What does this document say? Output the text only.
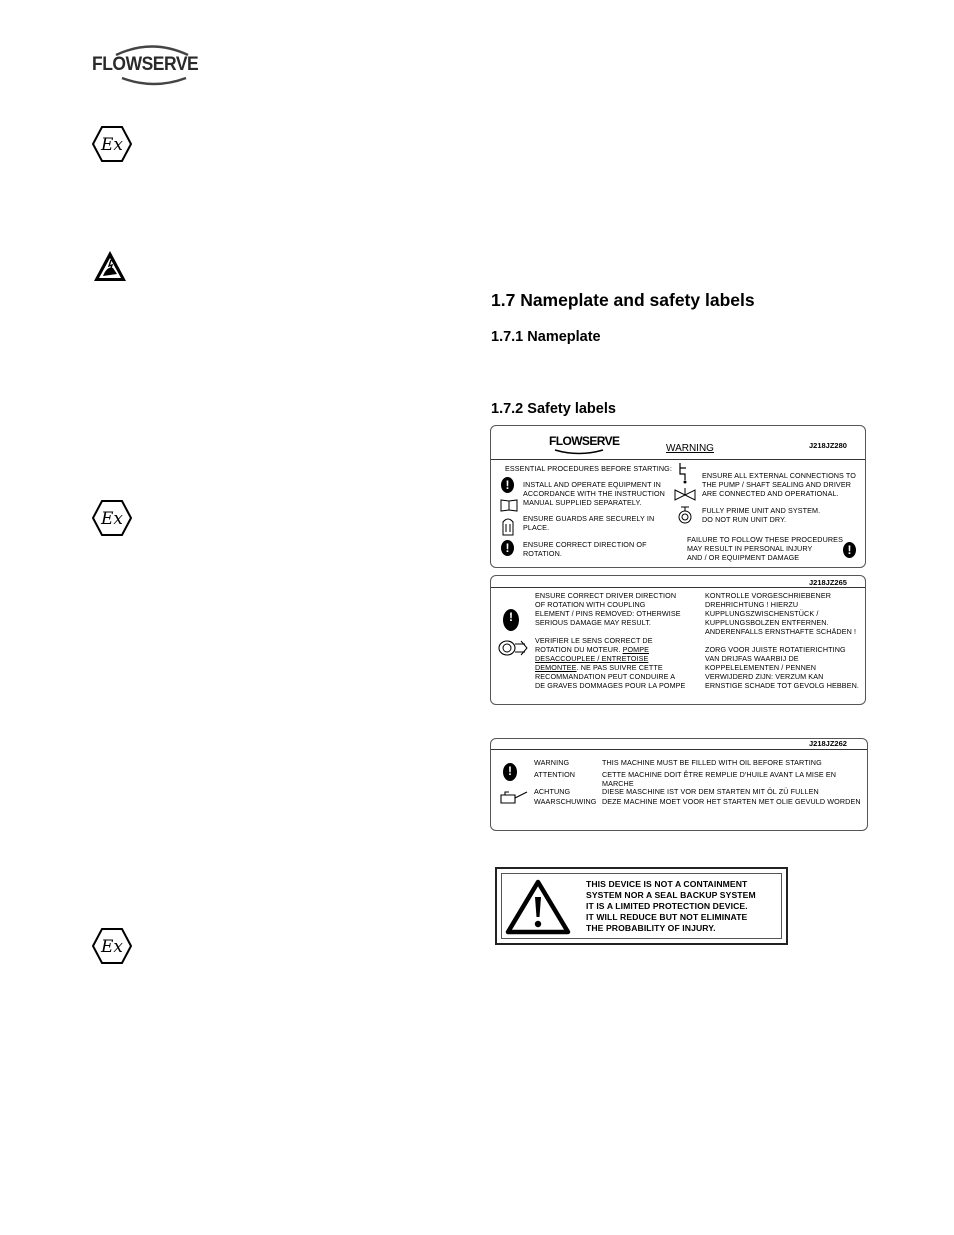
FLOWSERVE
Ex
Ex
Ex
1.7 Nameplate and safety labels
1.7.1 Nameplate
1.7.2 Safety labels
FLOWSERVE
WARNING	J218JZ280
ESSENTIAL PROCEDURES BEFORE STARTING:
!
INSTALL AND OPERATE EQUIPMENT IN
ACCORDANCE WITH THE INSTRUCTION
MANUAL SUPPLIED SEPARATELY.
ENSURE GUARDS ARE SECURELY IN
PLACE.
!
ENSURE CORRECT DIRECTION OF
ROTATION.
ENSURE ALL EXTERNAL CONNECTIONS TO
THE PUMP / SHAFT SEALING AND DRIVER
ARE CONNECTED AND OPERATIONAL.
FULLY PRIME UNIT AND SYSTEM.
DO NOT RUN UNIT DRY.
FAILURE TO FOLLOW THESE PROCEDURES
MAY RESULT IN PERSONAL INJURY
AND / OR EQUIPMENT DAMAGE
!
J218JZ265
!
ENSURE CORRECT DRIVER DIRECTION
OF ROTATION WITH COUPLING
ELEMENT / PINS REMOVED: OTHERWISE
SERIOUS DAMAGE MAY RESULT.
VERIFIER LE SENS CORRECT DE
ROTATION DU MOTEUR. POMPE
DESACCOUPLEE / ENTRETOISE
DEMONTEE. NE PAS SUIVRE CETTE
RECOMMANDATION PEUT CONDUIRE A
DE GRAVES DOMMAGES POUR LA POMPE
KONTROLLE VORGESCHRIEBENER
DREHRICHTUNG ! HIERZU
KUPPLUNGSZWISCHENSTÜCK /
KUPPLUNGSBOLZEN ENTFERNEN.
ANDERENFALLS ERNSTHAFTE SCHÄDEN !
ZORG VOOR JUISTE ROTATIERICHTING
VAN DRIJFAS WAARBIJ DE
KOPPELELEMENTEN / PENNEN
VERWIJDERD ZIJN: VERZUM KAN
ERNSTIGE SCHADE TOT GEVOLG HEBBEN.
J218JZ262
!
WARNING	THIS MACHINE MUST BE FILLED WITH OIL BEFORE STARTING
ATTENTION	CETTE MACHINE DOIT ÊTRE REMPLIE D'HUILE AVANT LA MISE EN
MARCHE
ACHTUNG	DIESE MASCHINE IST VOR DEM STARTEN MIT ÖL ZÜ FULLEN
WAARSCHUWING DEZE MACHINE MOET VOOR HET STARTEN MET OLIE GEVULD WORDEN
THIS DEVICE IS NOT A CONTAINMENT
SYSTEM NOR A SEAL BACKUP SYSTEM
IT IS A LIMITED PROTECTION DEVICE.
IT WILL REDUCE BUT NOT ELIMINATE
THE PROBABILITY OF INJURY.
